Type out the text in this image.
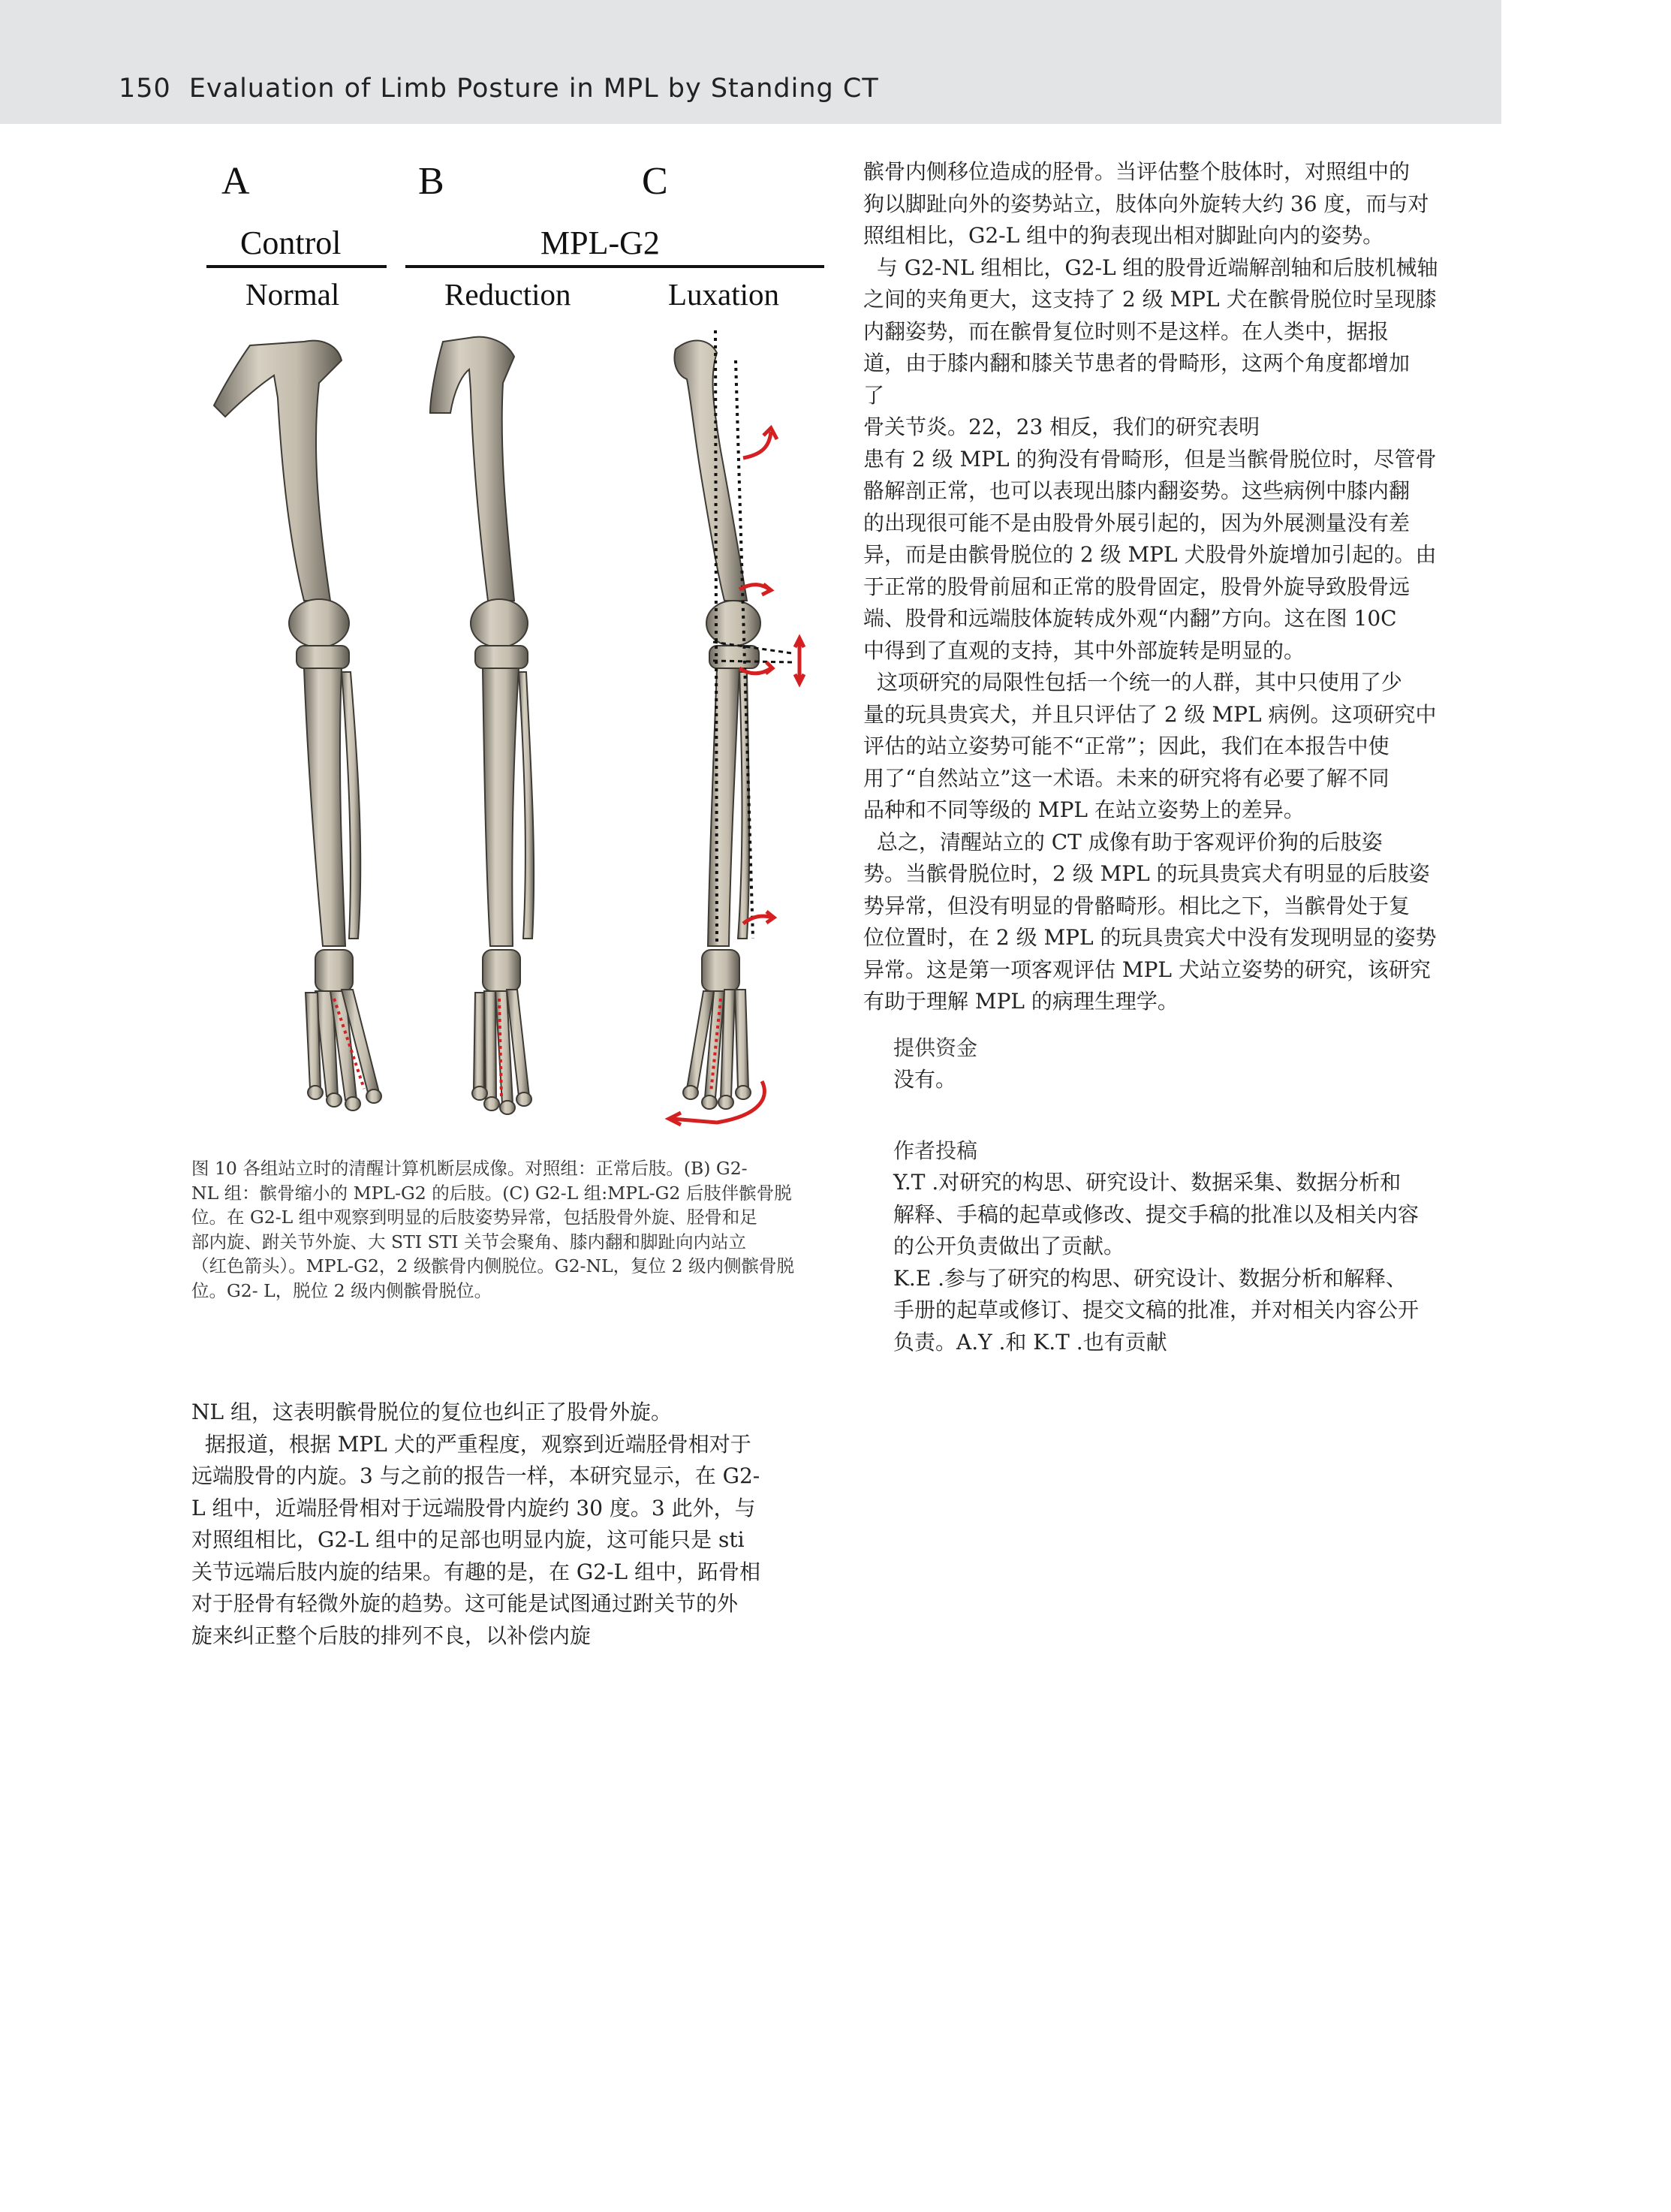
150 Evaluation of Limb Posture in MPL by Standing CT
A	B	C
Control	MPL-G2
Normal	Reduction	Luxation

图 10 各组站立时的清醒计算机断层成像。对照组：正常后肢。(B) G2-
NL 组：髌骨缩小的 MPL-G2 的后肢。(C) G2-L 组:MPL-G2 后肢伴髌骨脱
位。在 G2-L 组中观察到明显的后肢姿势异常，包括股骨外旋、胫骨和足
部内旋、跗关节外旋、大 STI STI 关节会聚角、膝内翻和脚趾向内站立
（红色箭头）。MPL-G2，2 级髌骨内侧脱位。G2-NL，复位 2 级内侧髌骨脱
位。G2- L，脱位 2 级内侧髌骨脱位。

NL 组，这表明髌骨脱位的复位也纠正了股骨外旋。
据报道，根据 MPL 犬的严重程度，观察到近端胫骨相对于
远端股骨的内旋。3 与之前的报告一样，本研究显示，在 G2-
L 组中，近端胫骨相对于远端股骨内旋约 30 度。3 此外，与
对照组相比，G2-L 组中的足部也明显内旋，这可能只是 sti
关节远端后肢内旋的结果。有趣的是，在 G2-L 组中，跖骨相
对于胫骨有轻微外旋的趋势。这可能是试图通过跗关节的外
旋来纠正整个后肢的排列不良，以补偿内旋

髌骨内侧移位造成的胫骨。当评估整个肢体时，对照组中的
狗以脚趾向外的姿势站立，肢体向外旋转大约 36 度，而与对
照组相比，G2-L 组中的狗表现出相对脚趾向内的姿势。
与 G2-NL 组相比，G2-L 组的股骨近端解剖轴和后肢机械轴
之间的夹角更大，这支持了 2 级 MPL 犬在髌骨脱位时呈现膝
内翻姿势，而在髌骨复位时则不是这样。在人类中，据报
道，由于膝内翻和膝关节患者的骨畸形，这两个角度都增加
了
骨关节炎。22，23 相反，我们的研究表明
患有 2 级 MPL 的狗没有骨畸形，但是当髌骨脱位时，尽管骨
骼解剖正常，也可以表现出膝内翻姿势。这些病例中膝内翻
的出现很可能不是由股骨外展引起的，因为外展测量没有差
异，而是由髌骨脱位的 2 级 MPL 犬股骨外旋增加引起的。由
于正常的股骨前屈和正常的股骨固定，股骨外旋导致股骨远
端、股骨和远端肢体旋转成外观“内翻”方向。这在图 10C
中得到了直观的支持，其中外部旋转是明显的。
这项研究的局限性包括一个统一的人群，其中只使用了少
量的玩具贵宾犬，并且只评估了 2 级 MPL 病例。这项研究中
评估的站立姿势可能不“正常”；因此，我们在本报告中使
用了“自然站立”这一术语。未来的研究将有必要了解不同
品种和不同等级的 MPL 在站立姿势上的差异。
总之，清醒站立的 CT 成像有助于客观评价狗的后肢姿
势。当髌骨脱位时，2 级 MPL 的玩具贵宾犬有明显的后肢姿
势异常，但没有明显的骨骼畸形。相比之下，当髌骨处于复
位位置时，在 2 级 MPL 的玩具贵宾犬中没有发现明显的姿势
异常。这是第一项客观评估 MPL 犬站立姿势的研究，该研究
有助于理解 MPL 的病理生理学。

提供资金

没有。

作者投稿

Y.T .对研究的构思、研究设计、数据采集、数据分析和
解释、手稿的起草或修改、提交手稿的批准以及相关内容
的公开负责做出了贡献。
K.E .参与了研究的构思、研究设计、数据分析和解释、
手册的起草或修订、提交文稿的批准，并对相关内容公开
负责。A.Y .和 K.T .也有贡献
